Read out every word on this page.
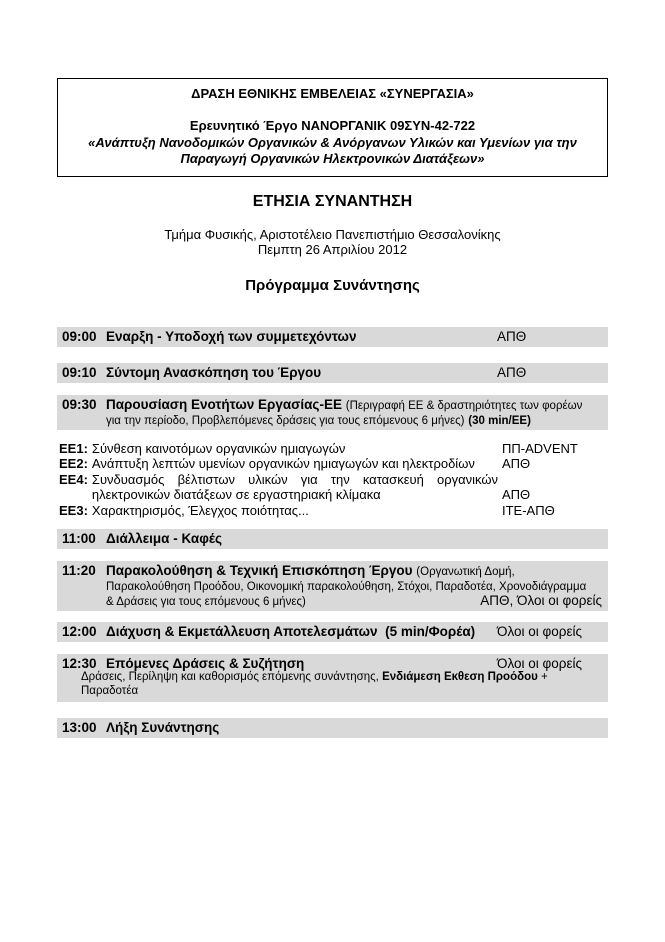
ΔΡΑΣΗ ΕΘΝΙΚΗΣ ΕΜΒΕΛΕΙΑΣ «ΣΥΝΕΡΓΑΣΙΑ»
Ερευνητικό Έργο ΝΑΝΟΡΓΑΝΙΚ 09ΣΥΝ-42-722
«Ανάπτυξη Νανοδομικών Οργανικών & Ανόργανων Υλικών και Υμενίων για την Παραγωγή Οργανικών Ηλεκτρονικών Διατάξεων»
ΕΤΗΣΙΑ ΣΥΝΑΝΤΗΣΗ
Τμήμα Φυσικής, Αριστοτέλειο Πανεπιστήμιο Θεσσαλονίκης
Πεμπτη 26 Απριλίου 2012
Πρόγραμμα Συνάντησης
09:00 Εναρξη - Υποδοχή των συμμετεχόντων	ΑΠΘ
09:10 Σύντομη Ανασκόπηση του Έργου	ΑΠΘ
09:30 Παρουσίαση Ενοτήτων Εργασίας-ΕΕ (Περιγραφή ΕΕ & δραστηριότητες των φορέων για την περίοδο, Προβλεπόμενες δράσεις για τους επόμενους 6 μήνες) (30 min/ΕΕ)
ΕΕ1: Σύνθεση καινοτόμων οργανικών ημιαγωγών	ΠΠ-ADVENT
ΕΕ2: Ανάπτυξη λεπτών υμενίων οργανικών ημιαγωγών και ηλεκτροδίων	ΑΠΘ
ΕΕ4: Συνδυασμός βέλτιστων υλικών για την κατασκευή οργανικών ηλεκτρονικών διατάξεων σε εργαστηριακή κλίμακα	ΑΠΘ
ΕΕ3: Χαρακτηρισμός, Έλεγχος ποιότητας...	ΙΤΕ-ΑΠΘ
11:00 Διάλλειμα - Καφές
11:20 Παρακολούθηση & Τεχνική Επισκόπηση Έργου (Οργανωτική Δομή, Παρακολούθηση Προόδου, Οικονομική παρακολούθηση, Στόχοι, Παραδοτέα, Χρονοδιάγραμμα & Δράσεις για τους επόμενους 6 μήνες)	ΑΠΘ, Όλοι οι φορείς
12:00 Διάχυση & Εκμετάλλευση Αποτελεσμάτων (5 min/Φορέα)	Όλοι οι φορείς
12:30 Επόμενες Δράσεις & Συζήτηση	Όλοι οι φορείς
Δράσεις, Περίληψη και καθορισμός επόμενης συνάντησης, Ενδιάμεση Εκθεση Προόδου + Παραδοτέα
13:00 Λήξη Συνάντησης
